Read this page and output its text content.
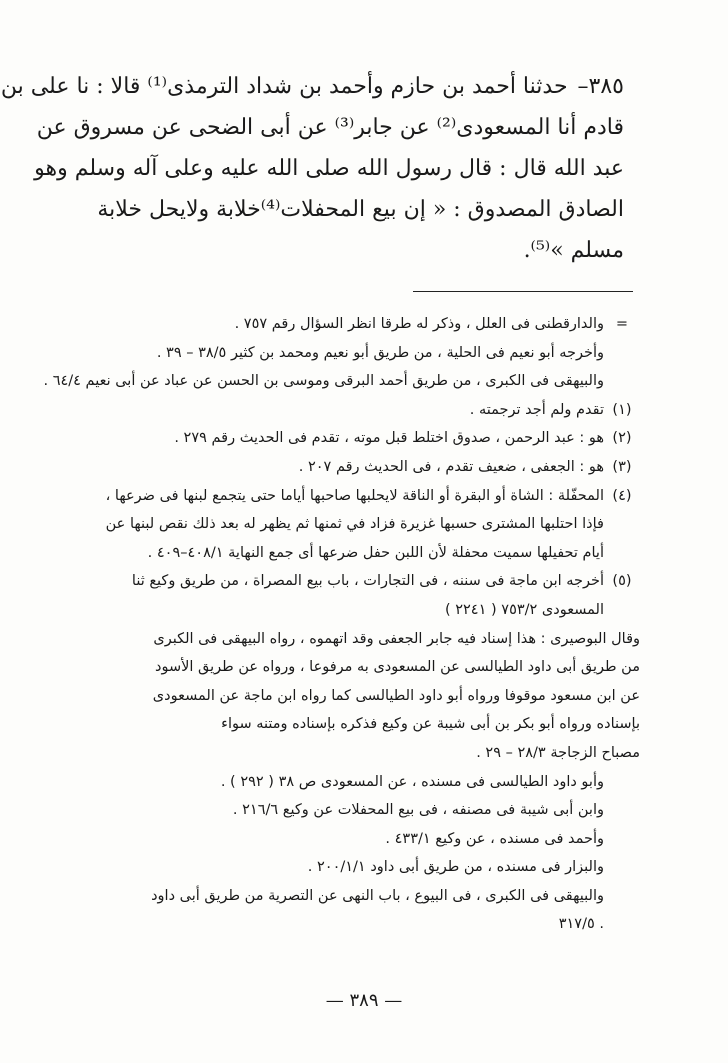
٣٨٥–حدثنا أحمد بن حازم وأحمد بن شداد الترمذى⁽¹⁾ قالا : نا على بن
قادم أنا المسعودى⁽²⁾ عن جابر⁽³⁾ عن أبى الضحى عن مسروق عن
عبد الله قال : قال رسول الله صلى الله عليه وعلى آله وسلم وهو
الصادق المصدوق : « إن بيع المحفلات⁽⁴⁾خلابة ولايحل خلابة
مسلم »⁽⁵⁾.
=
والدارقطنى فى العلل ، وذكر له طرقا انظر السؤال رقم ٧٥٧ .
وأخرجه أبو نعيم فى الحلية ، من طريق أبو نعيم ومحمد بن كثير ٣٨/٥ – ٣٩ .
والبيهقى فى الكبرى ، من طريق أحمد البرقى وموسى بن الحسن عن عباد عن أبى نعيم ٦٤/٤ .
(١)
تقدم ولم أجد ترجمته .
(٢)
هو : عبد الرحمن ، صدوق اختلط قبل موته ، تقدم فى الحديث رقم ٢٧٩ .
(٣)
هو : الجعفى ، ضعيف تقدم ، فى الحديث رقم ٢٠٧ .
(٤)
المحفّلة : الشاة أو البقرة أو الناقة لايحلبها صاحبها أياما حتى يتجمع لبنها فى ضرعها ،
فإذا احتلبها المشترى حسبها غزيرة فزاد في ثمنها ثم يظهر له بعد ذلك نقص لبنها عن
أيام تحفيلها سميت محفلة لأن اللبن حفل ضرعها أى جمع النهاية ٤٠٨/١–٤٠٩ .
(٥)
أخرجه ابن ماجة فى سننه ، فى التجارات ، باب بيع المصراة ، من طريق وكيع ثنا
المسعودى ٧٥٣/٢ ( ٢٢٤١ )
وقال البوصيرى : هذا إسناد فيه جابر الجعفى وقد اتهموه ، رواه البيهقى فى الكبرى
من طريق أبى داود الطيالسى عن المسعودى به مرفوعا ، ورواه عن طريق الأسود
عن ابن مسعود موقوفا ورواه أبو داود الطيالسى كما رواه ابن ماجة عن المسعودى
بإسناده ورواه أبو بكر بن أبى شيبة عن وكيع فذكره بإسناده ومتنه سواء
مصباح الزجاجة ٢٨/٣ – ٢٩ .
وأبو داود الطيالسى فى مسنده ، عن المسعودى ص ٣٨ ( ٢٩٢ ) .
وابن أبى شيبة فى مصنفه ، فى بيع المحفلات عن وكيع ٢١٦/٦ .
وأحمد فى مسنده ، عن وكيع ٤٣٣/١ .
والبزار فى مسنده ، من طريق أبى داود ٢٠٠/١/١ .
والبيهقى فى الكبرى ، فى البيوع ، باب النهى عن التصرية من طريق أبى داود
. ٣١٧/٥
— ٣٨٩ —
